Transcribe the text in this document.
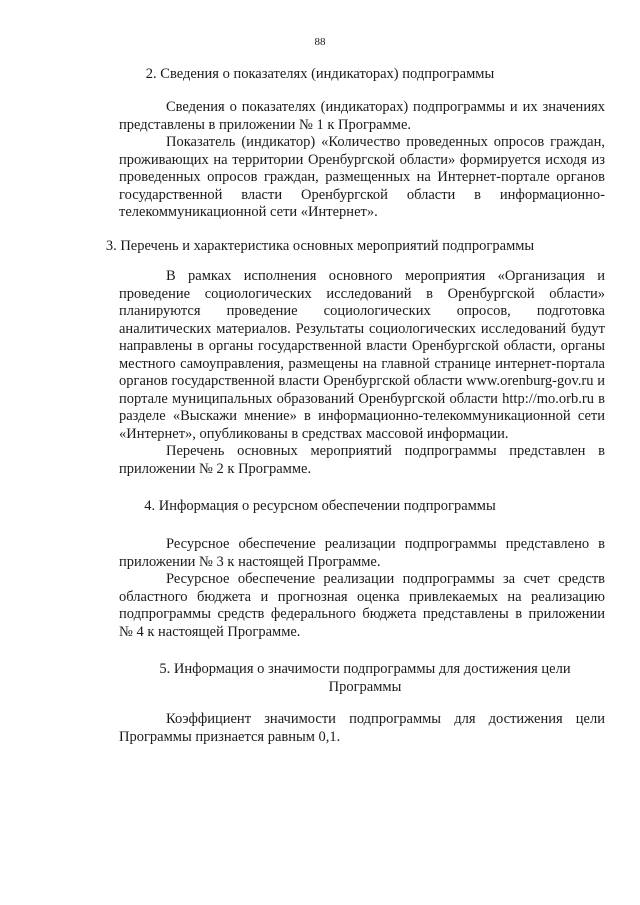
88
2. Сведения о показателях (индикаторах) подпрограммы

Сведения о показателях (индикаторах) подпрограммы и их значениях представлены в приложении № 1 к Программе.

Показатель (индикатор) «Количество проведенных опросов граждан, проживающих на территории Оренбургской области» формируется исходя из проведенных опросов граждан, размещенных на Интернет-портале органов государственной власти Оренбургской области в информационно-телекоммуникационной сети «Интернет».

3. Перечень и характеристика основных мероприятий подпрограммы

В рамках исполнения основного мероприятия «Организация и проведение социологических исследований в Оренбургской области» планируются проведение социологических опросов, подготовка аналитических материалов. Результаты социологических исследований будут направлены в органы государственной власти Оренбургской области, органы местного самоуправления, размещены на главной странице интернет-портала органов государственной власти Оренбургской области www.orenburg-gov.ru и портале муниципальных образований Оренбургской области http://mo.orb.ru в разделе «Выскажи мнение» в информационно-телекоммуникационной сети «Интернет», опубликованы в средствах массовой информации.

Перечень основных мероприятий подпрограммы представлен в приложении № 2 к Программе.

4. Информация о ресурсном обеспечении подпрограммы

Ресурсное обеспечение реализации подпрограммы представлено в приложении № 3 к настоящей Программе.

Ресурсное обеспечение реализации подпрограммы за счет средств областного бюджета и прогнозная оценка привлекаемых на реализацию подпрограммы средств федерального бюджета представлены в приложении № 4 к настоящей Программе.

5. Информация о значимости подпрограммы для достижения цели Программы

Коэффициент значимости подпрограммы для достижения цели Программы признается равным 0,1.
